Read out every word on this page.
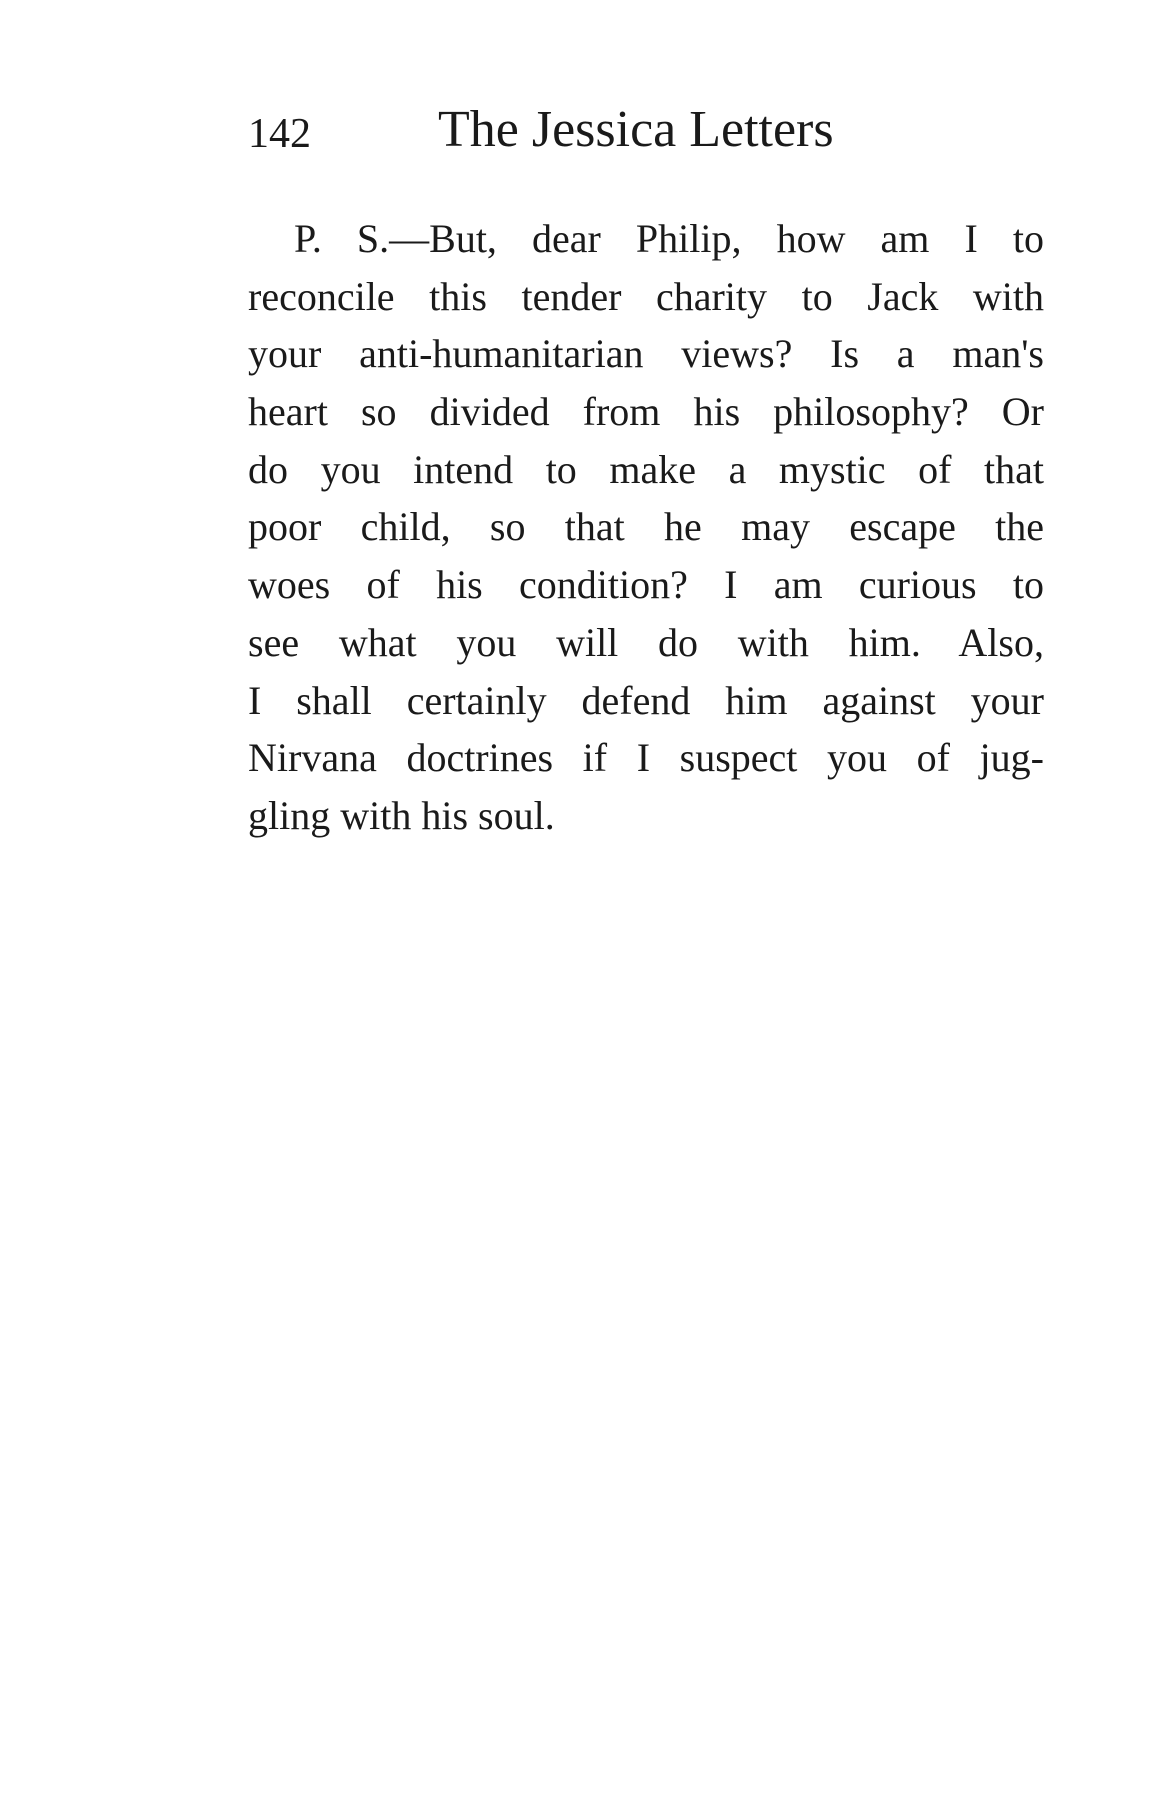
142 The Jessica Letters
P. S.—But, dear Philip, how am I to
reconcile this tender charity to Jack with
your anti-humanitarian views? Is a man's
heart so divided from his philosophy? Or
do you intend to make a mystic of that
poor child, so that he may escape the
woes of his condition? I am curious to
see what you will do with him. Also,
I shall certainly defend him against your
Nirvana doctrines if I suspect you of jug-
gling with his soul.
